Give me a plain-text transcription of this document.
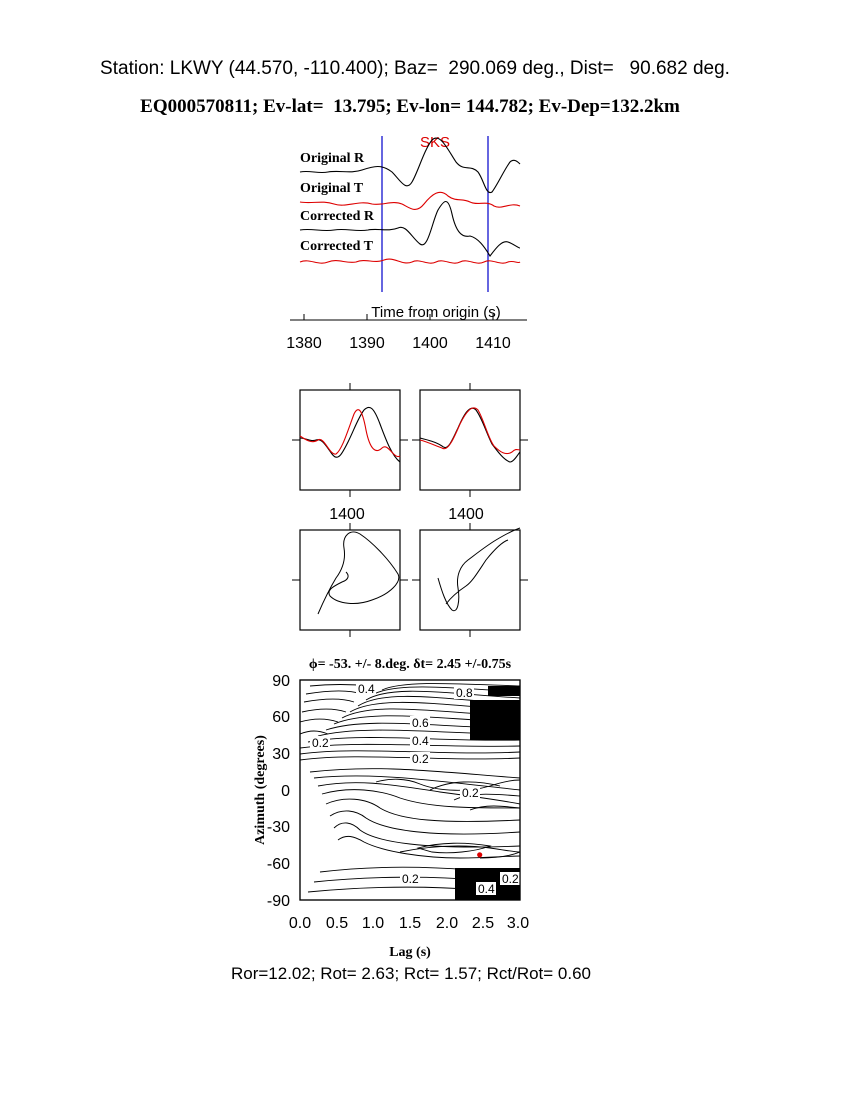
Station: LKWY (44.570, -110.400); Baz=  290.069 deg., Dist=   90.682 deg.
EQ000570811; Ev-lat=  13.795; Ev-lon= 144.782; Ev-Dep=132.2km
SKS
Original R
Original T
Corrected R
Corrected T
Time from origin (s)
1380 1390 1400 1410
1400	1400
ϕ= -53. +/- 8.deg. δt= 2.45 +/-0.75s
0.4	0.8
0.6
0.4
0.2
0.2
0.2
0.2
0.4
0.2
Azimuth (degrees)
90
60
30
0
-30
-60
-90
0.0 0.5 1.0 1.5 2.0 2.5 3.0
Lag (s)
Ror=12.02; Rot= 2.63; Rct= 1.57; Rct/Rot= 0.60
